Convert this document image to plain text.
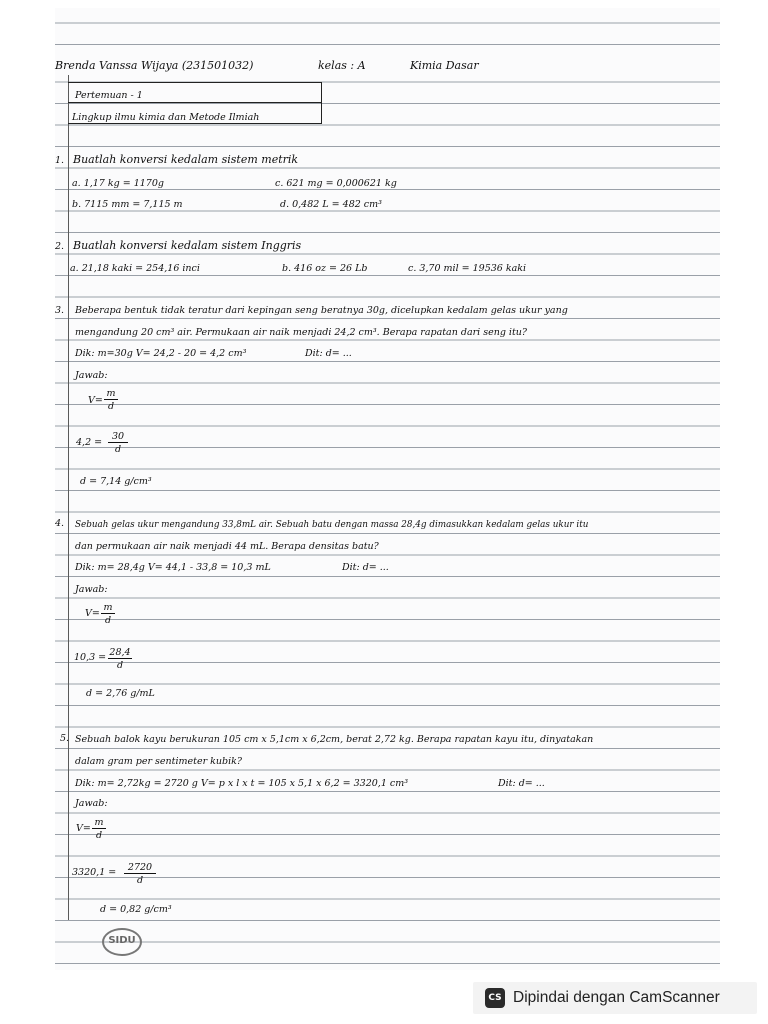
Brenda Vanssa Wijaya (231501032)	kelas : A	Kimia Dasar
Pertemuan - 1
Lingkup ilmu kimia dan Metode Ilmiah
1. Buatlah konversi kedalam sistem metrik
a. 1,17 kg = 1170g	c. 621 mg = 0,000621 kg
b. 7115 mm = 7,115 m	d. 0,482 L = 482 cm³
2. Buatlah konversi kedalam sistem Inggris
a. 21,18 kaki = 254,16 inci	b. 416 oz = 26 Lb	c. 3,70 mil = 19536 kaki
3. Beberapa bentuk tidak teratur dari kepingan seng beratnya 30g, dicelupkan kedalam gelas ukur yang
mengandung 20 cm³ air. Permukaan air naik menjadi 24,2 cm³. Berapa rapatan dari seng itu?
Dik: m=30g V= 24,2 - 20 = 4,2 cm³	Dit: d= ...
Jawab:
$V= \frac{m}{d}$
$4,2 = \frac{30}{d}$
d = 7,14 g/cm³
4. Sebuah gelas ukur mengandung 33,8mL air. Sebuah batu dengan massa 28,4g dimasukkan kedalam gelas ukur itu
dan permukaan air naik menjadi 44 mL. Berapa densitas batu?
Dik: m= 28,4g V= 44,1 - 33,8 = 10,3 mL	Dit: d= ...
Jawab:
$V= \frac{m}{d}$
$10,3 = \frac{28,4}{d}$
d = 2,76 g/mL
5. Sebuah balok kayu berukuran 105 cm x 5,1cm x 6,2cm, berat 2,72 kg. Berapa rapatan kayu itu, dinyatakan
dalam gram per sentimeter kubik?
Dik: m= 2,72kg = 2720 g V= p x l x t = 105 x 5,1 x 6,2 = 3320,1 cm³	Dit: d= ...
Jawab:
$V= \frac{m}{d}$
$3320,1 = \frac{2720}{d}$
d = 0,82 g/cm³
SIDU
CS Dipindai dengan CamScanner
